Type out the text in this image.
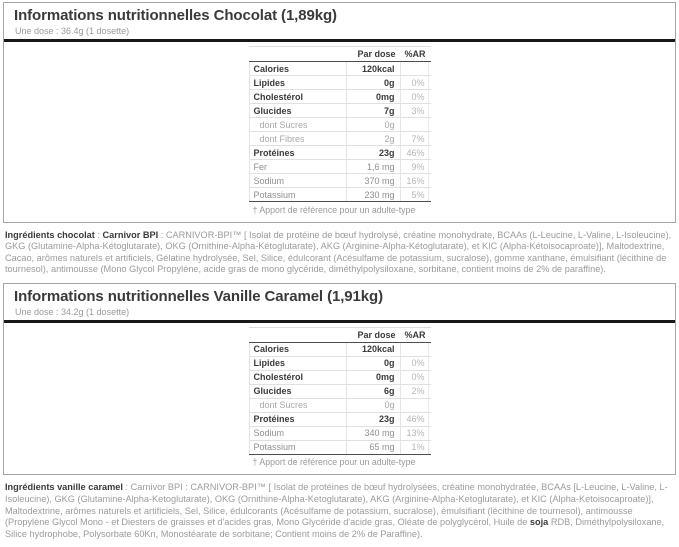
Informations nutritionnelles Chocolat (1,89kg)
Une dose : 36.4g (1 dosette)
Par dose %AR
Calories	120kcal
Lipides	0g	0%
Cholestérol	0mg	0%
Glucides	7g	3%
dont Sucres	0g
dont Fibres	2g	7%
Protéines	23g	46%
Fer	1,6 mg	9%
Sodium	370 mg	16%
Potassium	230 mg	5%
† Apport de référence pour un adulte-type

Ingrédients chocolat : Carnivor BPI : CARNIVOR-BPI™ [ Isolat de protéine de bœuf hydrolysé, créatine monohydrate, BCAAs (L-Leucine, L-Valine, L-Isoleucine), GKG (Glutamine-Alpha-Kétoglutarate), OKG (Ornithine-Alpha-Kétoglutarate), AKG (Arginine-Alpha-Kétoglutarate), et KIC (Alpha-Kétoisocaproate)], Maltodextrine, Cacao, arômes naturels et artificiels, Gélatine hydrolysée, Sel, Silice, édulcorant (Acésulfame de potassium, sucralose), gomme xanthane, émulsifiant (lécithine de tournesol), antimousse (Mono Glycol Propylène, acide gras de mono glycéride, diméthylpolysiloxane, sorbitane, contient moins de 2% de paraffine).

Informations nutritionnelles Vanille Caramel (1,91kg)
Une dose : 34.2g (1 dosette)
Par dose %AR
Calories	120kcal
Lipides	0g	0%
Cholestérol	0mg	0%
Glucides	6g	2%
dont Sucres	0g
Protéines	23g	46%
Sodium	340 mg	13%
Potassium	65 mg	1%
† Apport de référence pour un adulte-type

Ingrédients vanille caramel : Carnivor BPI : CARNIVOR-BPI™ [ Isolat de protéines de bœuf hydrolysées, créatine monohydratée, BCAAs [L-Leucine, L-Valine, L-Isoleucine), GKG (Glutamine-Alpha-Ketoglutarate), OKG (Ornithine-Alpha-Ketoglutarate), AKG (Arginine-Alpha-Ketoglutarate), et KIC (Alpha-Ketoisocaproate)], Maltodextrine, arômes naturels et artificiels, Sel, Silice, édulcorants (Acésulfame de potassium, sucralose), émulsifiant (lécithine de tournesol), antimousse (Propylène Glycol Mono - et Diesters de graisses et d'acides gras, Mono Glycéride d'acide gras, Oléate de polyglycérol, Huile de soja RDB, Diméthylpolysiloxane, Silice hydrophobe, Polysorbate 60Kn, Monostéarate de sorbitane; Contient moins de 2% de Paraffine).
